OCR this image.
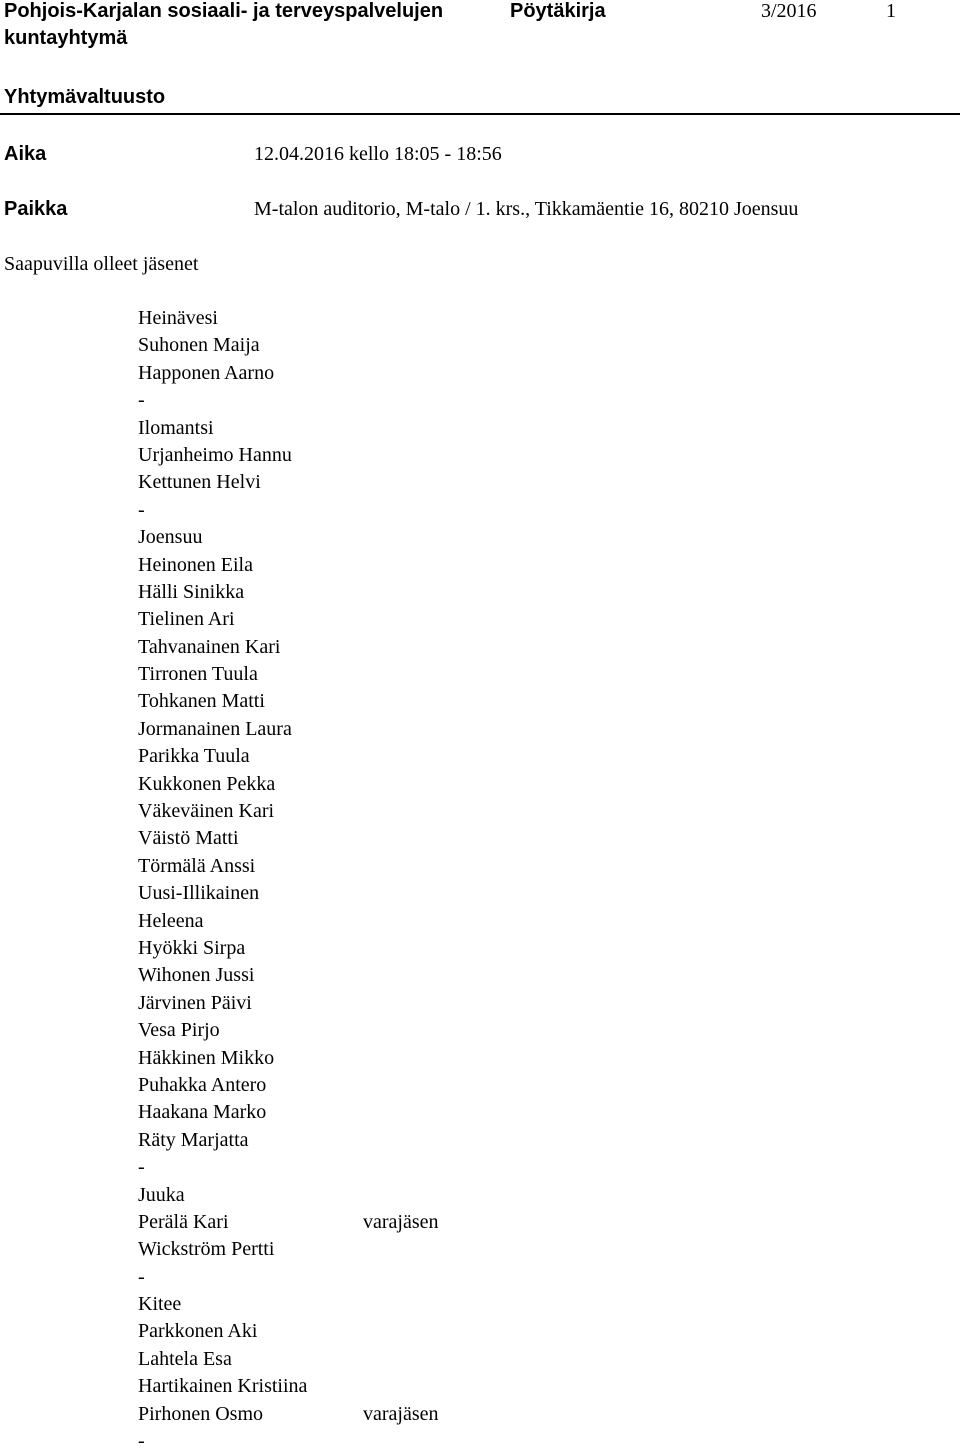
Pohjois-Karjalan sosiaali- ja terveyspalvelujen
kuntayhtymä
Pöytäkirja	3/2016	1
Yhtymävaltuusto
Aika	12.04.2016 kello 18:05 - 18:56
Paikka	M-talon auditorio, M-talo / 1. krs., Tikkamäentie 16, 80210 Joensuu
Saapuvilla olleet jäsenet
Heinävesi
Suhonen Maija
Happonen Aarno
-
Ilomantsi
Urjanheimo Hannu
Kettunen Helvi
-
Joensuu
Heinonen Eila
Hälli Sinikka
Tielinen Ari
Tahvanainen Kari
Tirronen Tuula
Tohkanen Matti
Jormanainen Laura
Parikka Tuula
Kukkonen Pekka
Väkeväinen Kari
Väistö Matti
Törmälä Anssi
Uusi-Illikainen
Heleena
Hyökki Sirpa
Wihonen Jussi
Järvinen Päivi
Vesa Pirjo
Häkkinen Mikko
Puhakka Antero
Haakana Marko
Räty Marjatta
-
Juuka
Perälä Kari	varajäsen
Wickström Pertti
-
Kitee
Parkkonen Aki
Lahtela Esa
Hartikainen Kristiina
Pirhonen Osmo	varajäsen
-
